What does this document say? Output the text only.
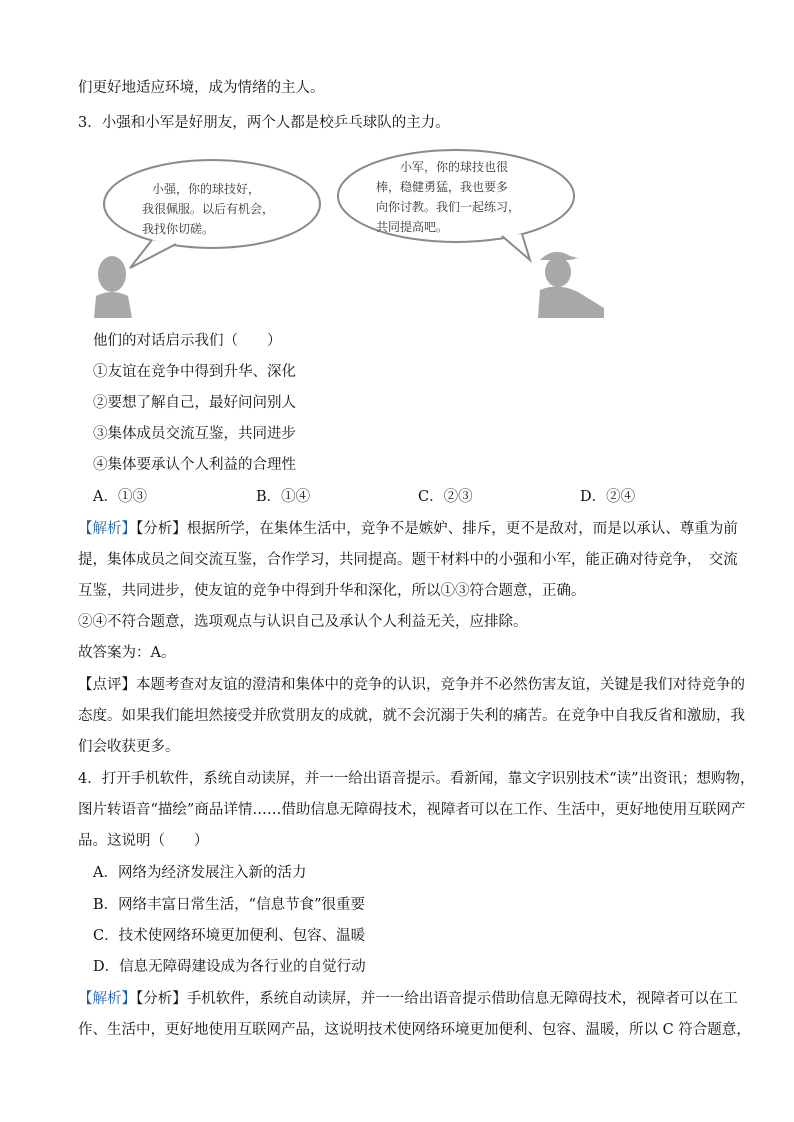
们更好地适应环境，成为情绪的主人。
3．小强和小军是好朋友，两个人都是校乒乓球队的主力。
小强，你的球技好，
我很佩服。以后有机会，
我找你切磋。
小军，你的球技也很
棒，稳健勇猛，我也要多
向你讨教。我们一起练习，
共同提高吧。
他们的对话启示我们（　　）
①友谊在竞争中得到升华、深化
②要想了解自己，最好问问别人
③集体成员交流互鉴，共同进步
④集体要承认个人利益的合理性
A．①③	B．①④	C．②③	D．②④
【解析】【分析】根据所学，在集体生活中，竞争不是嫉妒、排斥，更不是敌对，而是以承认、尊重为前
提，集体成员之间交流互鉴，合作学习，共同提高。题干材料中的小强和小军，能正确对待竞争，　交流
互鉴，共同进步，使友谊的竞争中得到升华和深化，所以①③符合题意，正确。
②④不符合题意，选项观点与认识自己及承认个人利益无关，应排除。
故答案为：A。
【点评】本题考查对友谊的澄清和集体中的竞争的认识，竞争并不必然伤害友谊，关键是我们对待竞争的
态度。如果我们能坦然接受并欣赏朋友的成就，就不会沉溺于失利的痛苦。在竞争中自我反省和激励，我
们会收获更多。
4．打开手机软件，系统自动读屏，并一一给出语音提示。看新闻，靠文字识别技术“读”出资讯；想购物，
图片转语音“描绘”商品详情……借助信息无障碍技术，视障者可以在工作、生活中，更好地使用互联网产
品。这说明（　　）
A．网络为经济发展注入新的活力
B．网络丰富日常生活，“信息节食”很重要
C．技术使网络环境更加便利、包容、温暖
D．信息无障碍建设成为各行业的自觉行动
【解析】【分析】手机软件，系统自动读屏，并一一给出语音提示借助信息无障碍技术，视障者可以在工
作、生活中，更好地使用互联网产品，这说明技术使网络环境更加便利、包容、温暖，所以 C 符合题意，
